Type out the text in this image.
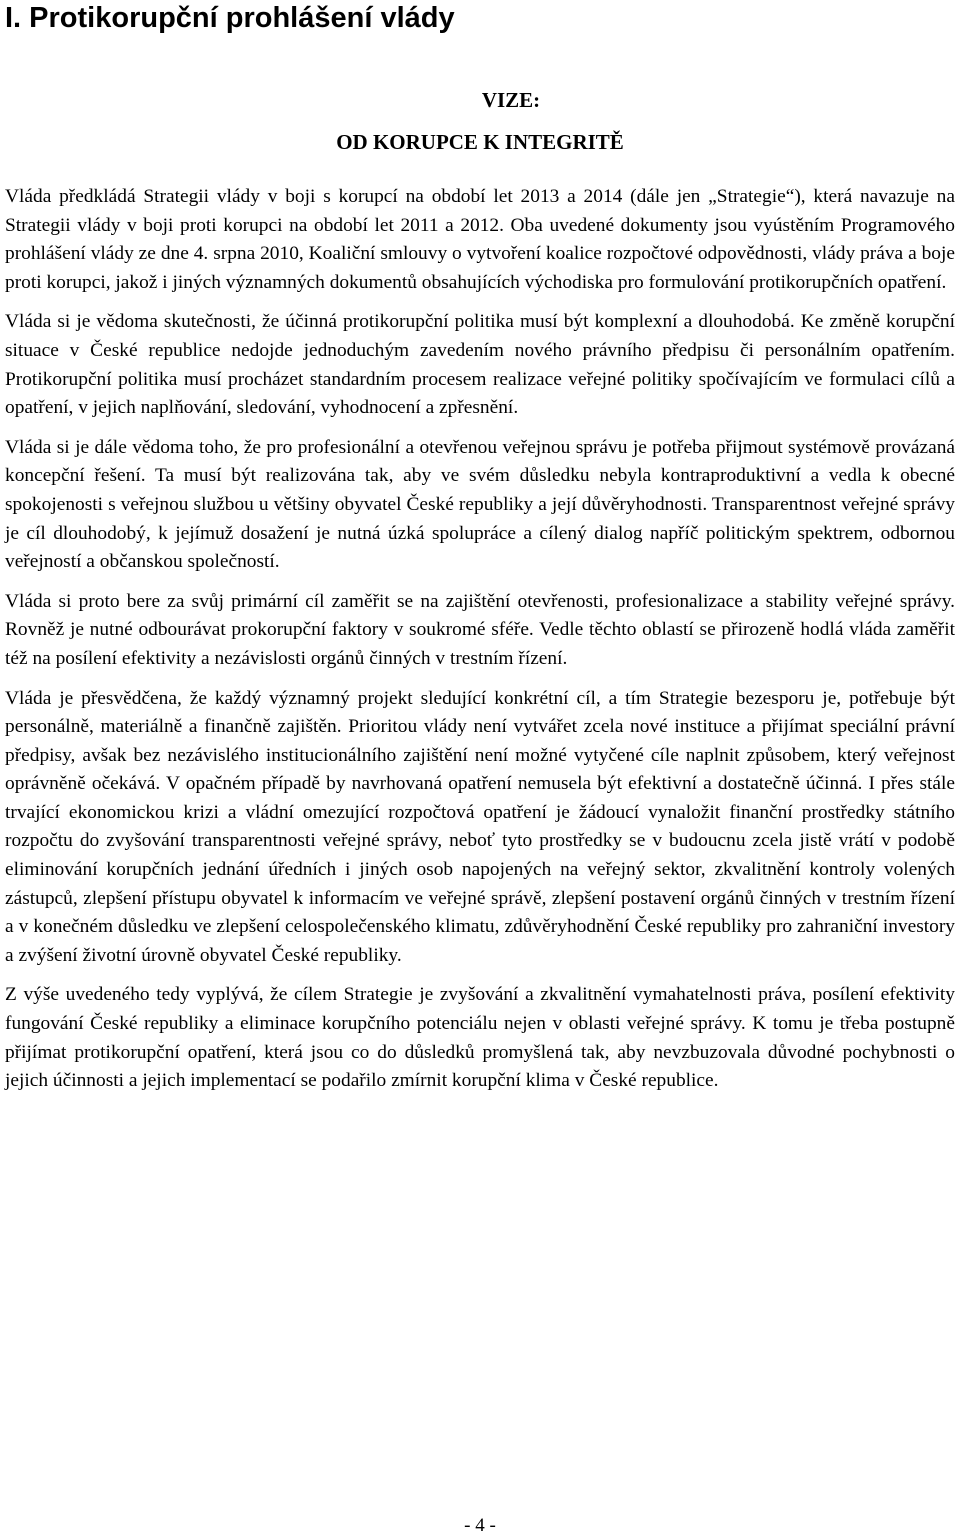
I. Protikorupční prohlášení vlády
VIZE:
OD KORUPCE K INTEGRITĚ

Vláda předkládá Strategii vlády v boji s korupcí na období let 2013 a 2014 (dále jen „Strategie“), která navazuje na Strategii vlády v boji proti korupci na období let 2011 a 2012. Oba uvedené dokumenty jsou vyústěním Programového prohlášení vlády ze dne 4. srpna 2010, Koaliční smlouvy o vytvoření koalice rozpočtové odpovědnosti, vlády práva a boje proti korupci, jakož i jiných významných dokumentů obsahujících východiska pro formulování protikorupčních opatření.

Vláda si je vědoma skutečnosti, že účinná protikorupční politika musí být komplexní a dlouhodobá. Ke změně korupční situace v České republice nedojde jednoduchým zavedením nového právního předpisu či personálním opatřením. Protikorupční politika musí procházet standardním procesem realizace veřejné politiky spočívajícím ve formulaci cílů a opatření, v jejich naplňování, sledování, vyhodnocení a zpřesnění.

Vláda si je dále vědoma toho, že pro profesionální a otevřenou veřejnou správu je potřeba přijmout systémově provázaná koncepční řešení. Ta musí být realizována tak, aby ve svém důsledku nebyla kontraproduktivní a vedla k obecné spokojenosti s veřejnou službou u většiny obyvatel České republiky a její důvěryhodnosti. Transparentnost veřejné správy je cíl dlouhodobý, k jejímuž dosažení je nutná úzká spolupráce a cílený dialog napříč politickým spektrem, odbornou veřejností a občanskou společností.

Vláda si proto bere za svůj primární cíl zaměřit se na zajištění otevřenosti, profesionalizace a stability veřejné správy. Rovněž je nutné odbourávat prokorupční faktory v soukromé sféře. Vedle těchto oblastí se přirozeně hodlá vláda zaměřit též na posílení efektivity a nezávislosti orgánů činných v trestním řízení.

Vláda je přesvědčena, že každý významný projekt sledující konkrétní cíl, a tím Strategie bezesporu je, potřebuje být personálně, materiálně a finančně zajištěn. Prioritou vlády není vytvářet zcela nové instituce a přijímat speciální právní předpisy, avšak bez nezávislého institucionálního zajištění není možné vytyčené cíle naplnit způsobem, který veřejnost oprávněně očekává. V opačném případě by navrhovaná opatření nemusela být efektivní a dostatečně účinná. I přes stále trvající ekonomickou krizi a vládní omezující rozpočtová opatření je žádoucí vynaložit finanční prostředky státního rozpočtu do zvyšování transparentnosti veřejné správy, neboť tyto prostředky se v budoucnu zcela jistě vrátí v podobě eliminování korupčních jednání úředních i jiných osob napojených na veřejný sektor, zkvalitnění kontroly volených zástupců, zlepšení přístupu obyvatel k informacím ve veřejné správě, zlepšení postavení orgánů činných v trestním řízení a v konečném důsledku ve zlepšení celospolečenského klimatu, zdůvěryhodnění České republiky pro zahraniční investory a zvýšení životní úrovně obyvatel České republiky.

Z výše uvedeného tedy vyplývá, že cílem Strategie je zvyšování a zkvalitnění vymahatelnosti práva, posílení efektivity fungování České republiky a eliminace korupčního potenciálu nejen v oblasti veřejné správy. K tomu je třeba postupně přijímat protikorupční opatření, která jsou co do důsledků promyšlená tak, aby nevzbuzovala důvodné pochybnosti o jejich účinnosti a jejich implementací se podařilo zmírnit korupční klima v České republice.

- 4 -
